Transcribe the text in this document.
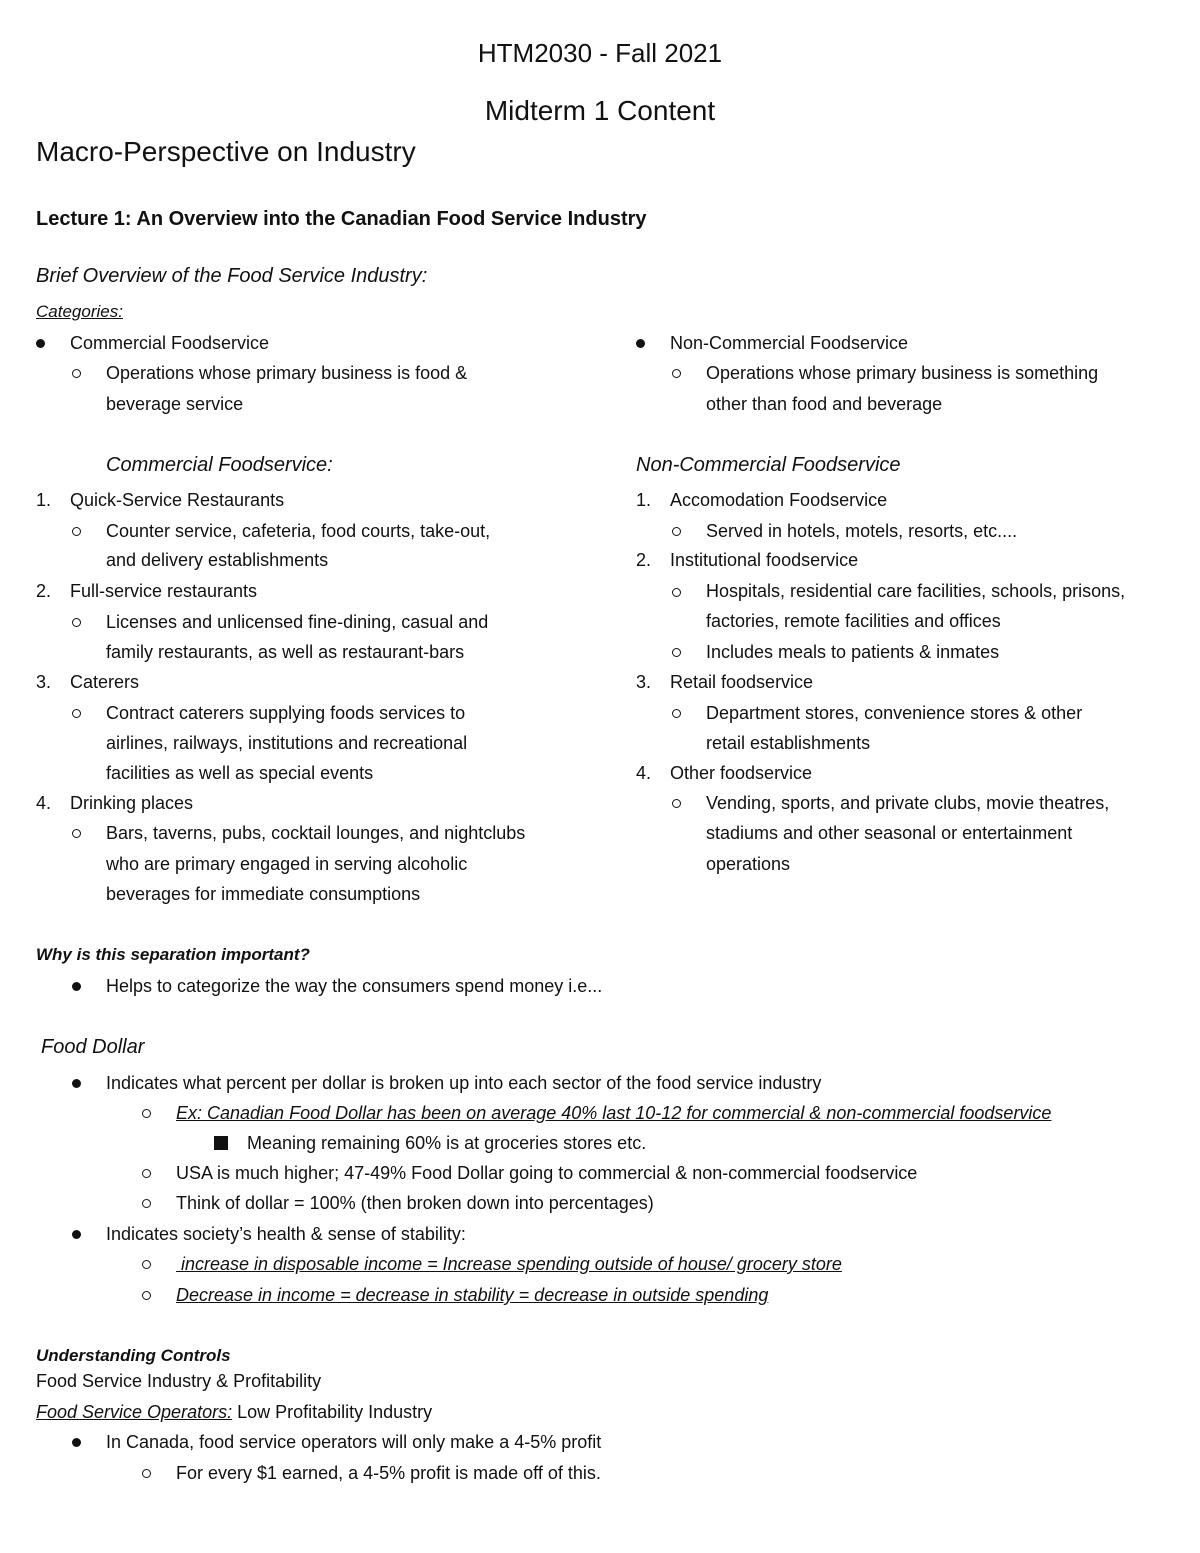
HTM2030 - Fall 2021
Midterm 1 Content
Macro-Perspective on Industry
Lecture 1: An Overview into the Canadian Food Service Industry
Brief Overview of the Food Service Industry:
Categories:
Commercial Foodservice
Operations whose primary business is food &
beverage service
Non-Commercial Foodservice
Operations whose primary business is something
other than food and beverage
Commercial Foodservice:	Non-Commercial Foodservice
1. Quick-Service Restaurants
Counter service, cafeteria, food courts, take-out,
and delivery establishments
2. Full-service restaurants
Licenses and unlicensed fine-dining, casual and
family restaurants, as well as restaurant-bars
3. Caterers
Contract caterers supplying foods services to
airlines, railways, institutions and recreational
facilities as well as special events
4. Drinking places
Bars, taverns, pubs, cocktail lounges, and nightclubs
who are primary engaged in serving alcoholic
beverages for immediate consumptions
1. Accomodation Foodservice
Served in hotels, motels, resorts, etc....
2. Institutional foodservice
Hospitals, residential care facilities, schools, prisons,
factories, remote facilities and offices
Includes meals to patients & inmates
3. Retail foodservice
Department stores, convenience stores & other
retail establishments
4. Other foodservice
Vending, sports, and private clubs, movie theatres,
stadiums and other seasonal or entertainment
operations
Why is this separation important?
Helps to categorize the way the consumers spend money i.e...
Food Dollar
Indicates what percent per dollar is broken up into each sector of the food service industry
Ex: Canadian Food Dollar has been on average 40% last 10-12 for commercial & non-commercial foodservice
Meaning remaining 60% is at groceries stores etc.
USA is much higher; 47-49% Food Dollar going to commercial & non-commercial foodservice
Think of dollar = 100% (then broken down into percentages)
Indicates society’s health & sense of stability:
increase in disposable income = Increase spending outside of house/ grocery store
Decrease in income = decrease in stability = decrease in outside spending
Understanding Controls
Food Service Industry & Profitability
Food Service Operators: Low Profitability Industry
In Canada, food service operators will only make a 4-5% profit
For every $1 earned, a 4-5% profit is made off of this.
